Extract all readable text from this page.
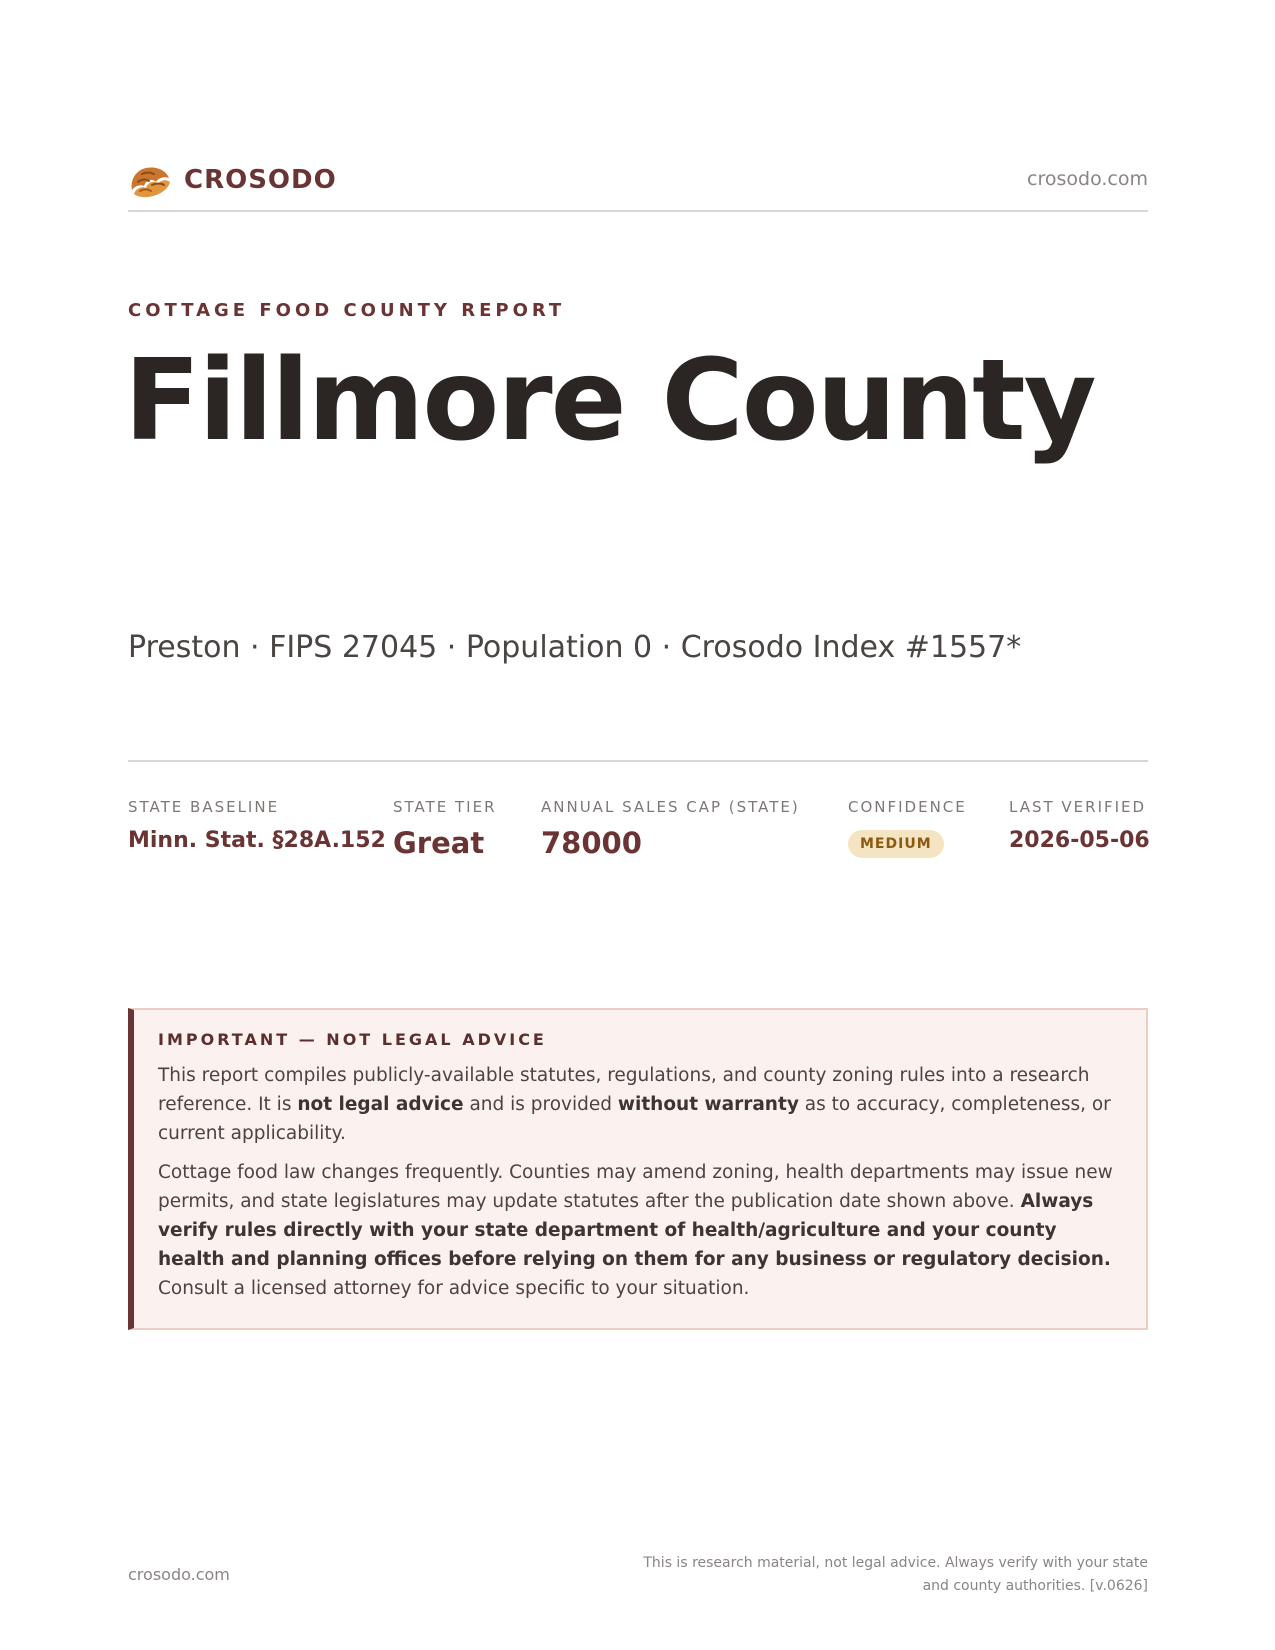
CROSODO	crosodo.com
COTTAGE FOOD COUNTY REPORT
Fillmore County
Preston · FIPS 27045 · Population 0 · Crosodo Index #1557*
STATE BASELINE
Minn. Stat. §28A.152
STATE TIER
Great
ANNUAL SALES CAP (STATE)
78000
CONFIDENCE
MEDIUM
LAST VERIFIED
2026-05-06
IMPORTANT — NOT LEGAL ADVICE

This report compiles publicly-available statutes, regulations, and county zoning rules into a research reference. It is not legal advice and is provided without warranty as to accuracy, completeness, or current applicability.

Cottage food law changes frequently. Counties may amend zoning, health departments may issue new permits, and state legislatures may update statutes after the publication date shown above. Always verify rules directly with your state department of health/agriculture and your county health and planning offices before relying on them for any business or regulatory decision. Consult a licensed attorney for advice specific to your situation.

crosodo.com
This is research material, not legal advice. Always verify with your state
and county authorities. [v.0626]
